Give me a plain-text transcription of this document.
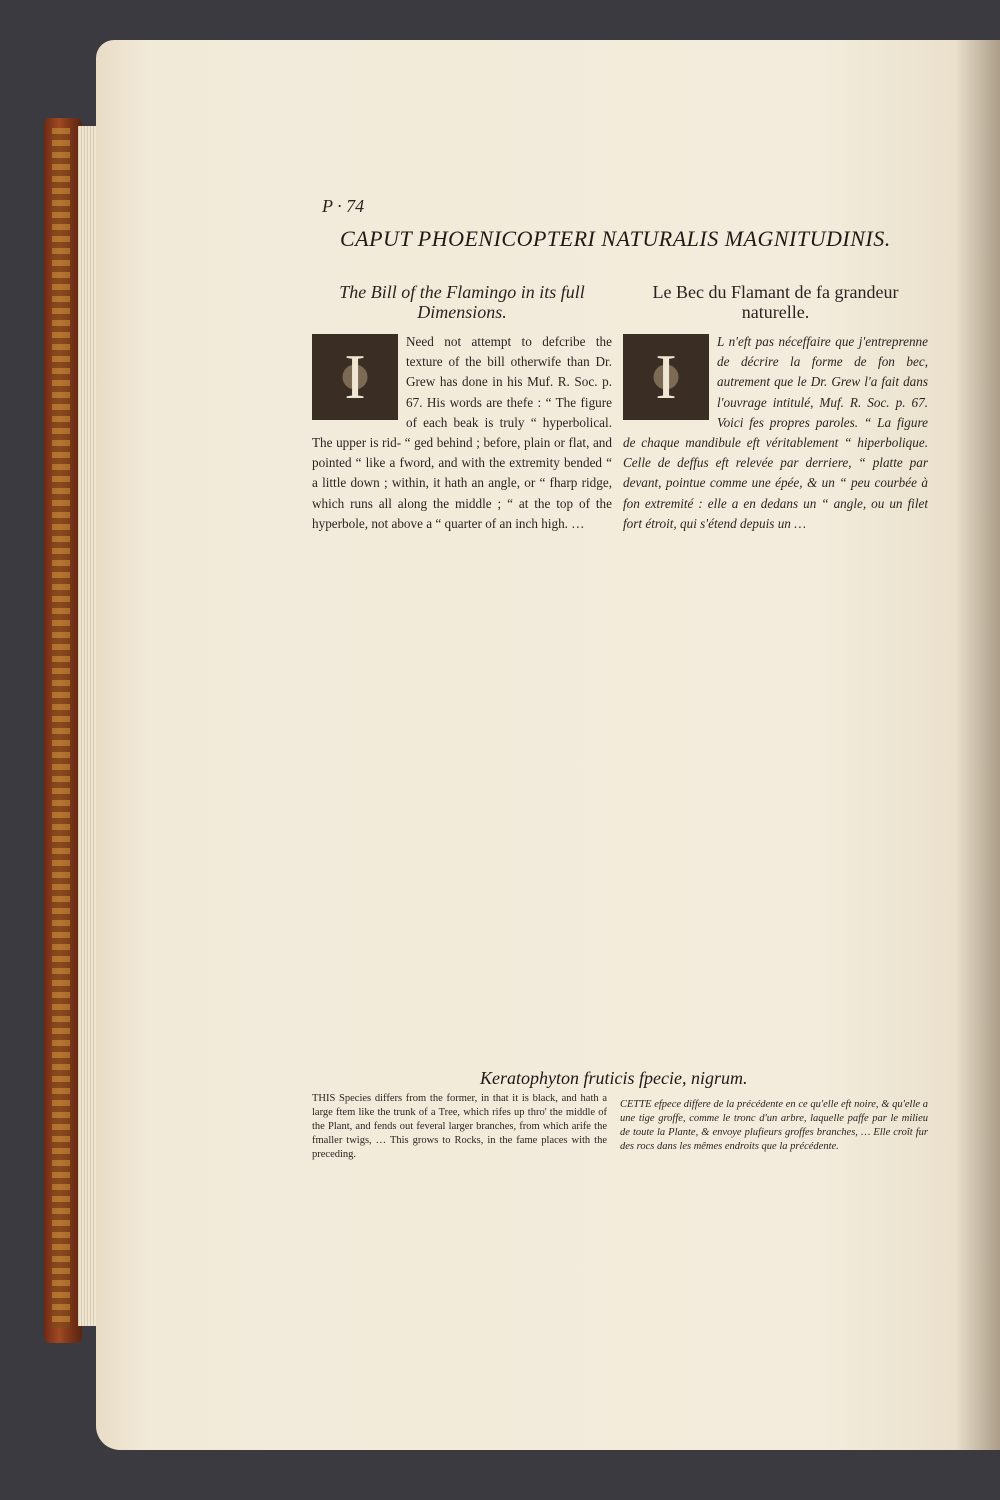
P · 74
CAPUT PHOENICOPTERI NATURALIS MAGNITUDINIS.
The Bill of the Flamingo in its full Dimensions.
I	Need not attempt to defcribe the texture of the bill otherwife than Dr. Grew has done in his Muf. R. Soc. p. 67. His words are thefe : “ The figure of each beak is truly “ hyperbolical. The upper is rid- “ ged behind ; before, plain or flat, and pointed “ like a fword, and with the extremity bended “ a little down ; within, it hath an angle, or “ fharp ridge, which runs all along the middle ; “ at the top of the hyperbole, not above a “ quarter of an inch high. …
Le Bec du Flamant de fa grandeur naturelle.
I	L n'eft pas néceffaire que j'entreprenne de décrire la forme de fon bec, autrement que le Dr. Grew l'a fait dans l'ouvrage intitulé, Muf. R. Soc. p. 67. Voici fes propres paroles. “ La figure de chaque mandibule eft véritablement “ hiperbolique. Celle de deffus eft relevée par derriere, “ platte par devant, pointue comme une épée, & un “ peu courbée à fon extremité : elle a en dedans un “ angle, ou un filet fort étroit, qui s'étend depuis un …
Keratophyton fruticis fpecie, nigrum.
THIS Species differs from the former, in that it is black, and hath a large ftem like the trunk of a Tree, which rifes up thro' the middle of the Plant, and fends out feveral larger branches, from which arife the fmaller twigs, … This grows to Rocks, in the fame places with the preceding.
CETTE efpece differe de la précédente en ce qu'elle eft noire, & qu'elle a une tige groffe, comme le tronc d'un arbre, laquelle paffe par le milieu de toute la Plante, & envoye plufieurs groffes branches, … Elle croît fur des rocs dans les mêmes endroits que la précédente.
